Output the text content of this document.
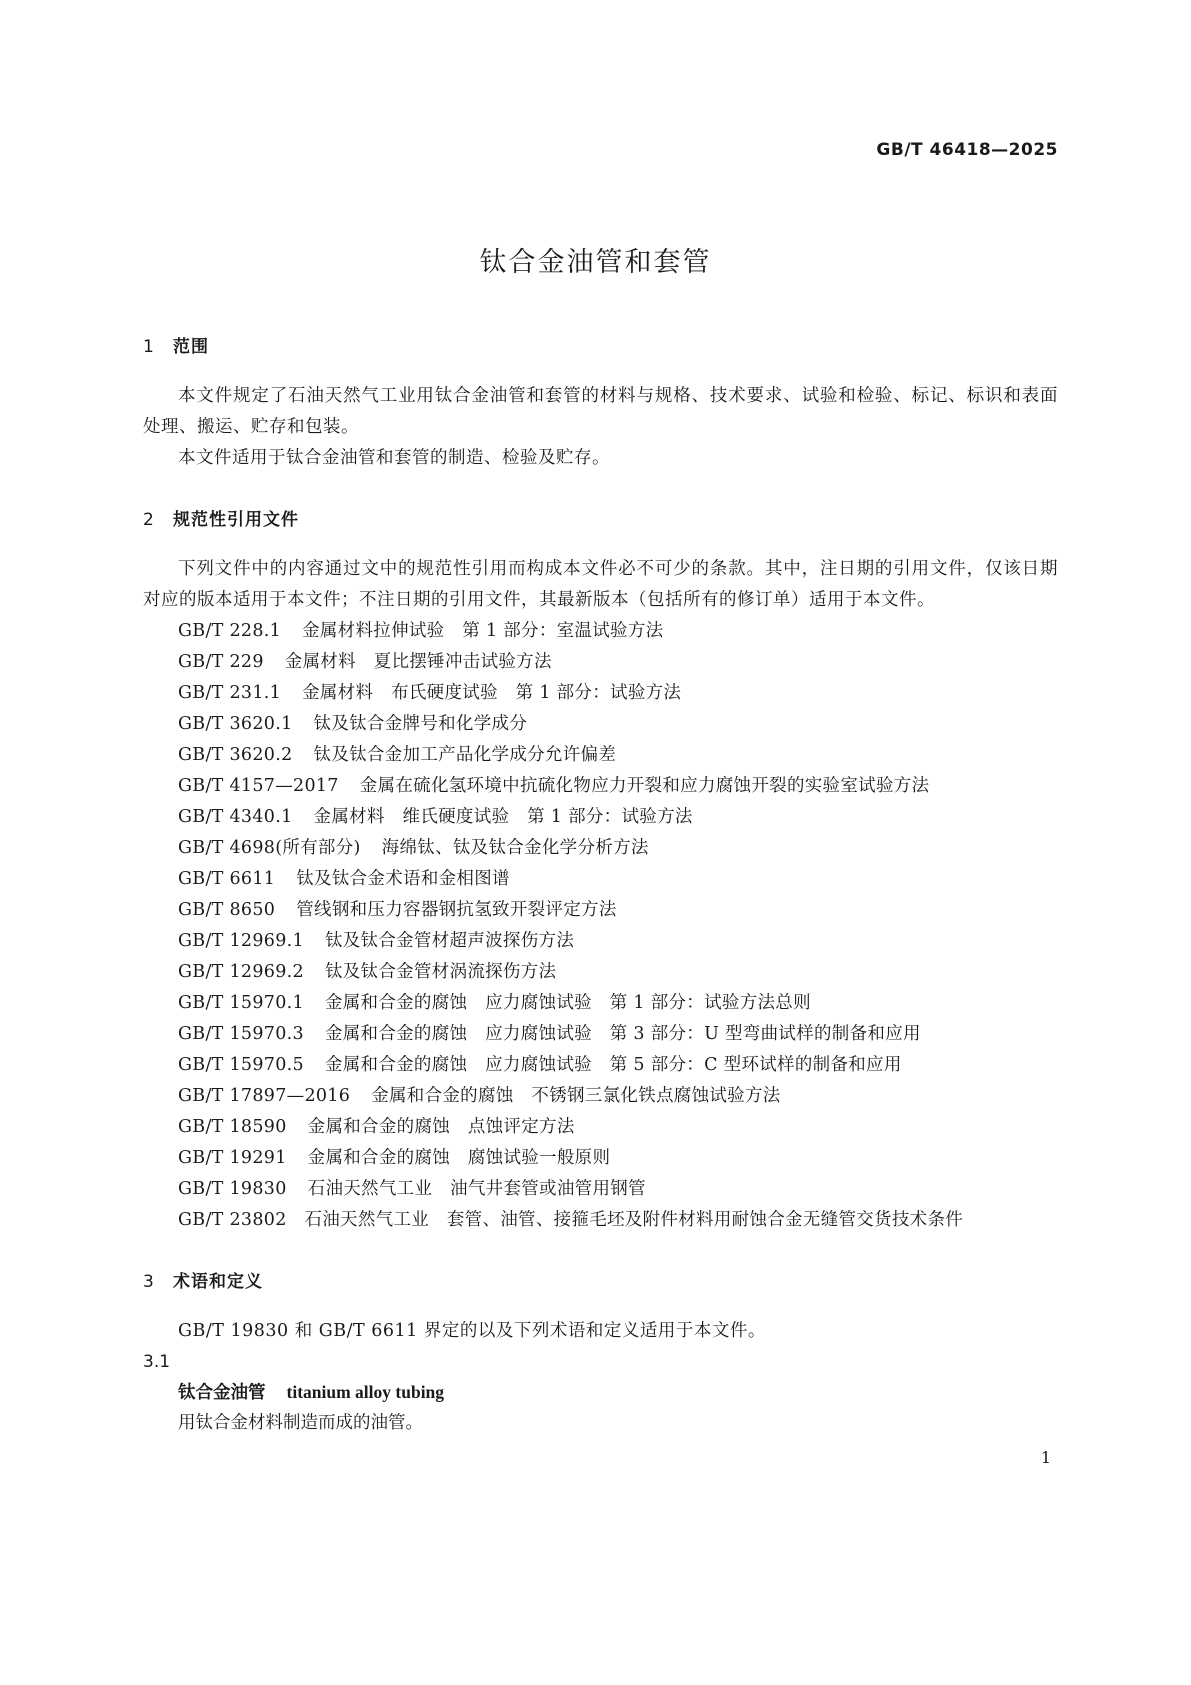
GB/T 46418—2025
钛合金油管和套管
1 范围
本文件规定了石油天然气工业用钛合金油管和套管的材料与规格、技术要求、试验和检验、标记、标识和表面处理、搬运、贮存和包装。
本文件适用于钛合金油管和套管的制造、检验及贮存。
2 规范性引用文件
下列文件中的内容通过文中的规范性引用而构成本文件必不可少的条款。其中，注日期的引用文件，仅该日期对应的版本适用于本文件；不注日期的引用文件，其最新版本（包括所有的修订单）适用于本文件。
GB/T 228.1 金属材料拉伸试验　第 1 部分：室温试验方法
GB/T 229 金属材料　夏比摆锤冲击试验方法
GB/T 231.1 金属材料　布氏硬度试验　第 1 部分：试验方法
GB/T 3620.1 钛及钛合金牌号和化学成分
GB/T 3620.2 钛及钛合金加工产品化学成分允许偏差
GB/T 4157—2017 金属在硫化氢环境中抗硫化物应力开裂和应力腐蚀开裂的实验室试验方法
GB/T 4340.1 金属材料　维氏硬度试验　第 1 部分：试验方法
GB/T 4698(所有部分) 海绵钛、钛及钛合金化学分析方法
GB/T 6611 钛及钛合金术语和金相图谱
GB/T 8650 管线钢和压力容器钢抗氢致开裂评定方法
GB/T 12969.1 钛及钛合金管材超声波探伤方法
GB/T 12969.2 钛及钛合金管材涡流探伤方法
GB/T 15970.1 金属和合金的腐蚀　应力腐蚀试验　第 1 部分：试验方法总则
GB/T 15970.3 金属和合金的腐蚀　应力腐蚀试验　第 3 部分：U 型弯曲试样的制备和应用
GB/T 15970.5 金属和合金的腐蚀　应力腐蚀试验　第 5 部分：C 型环试样的制备和应用
GB/T 17897—2016 金属和合金的腐蚀　不锈钢三氯化铁点腐蚀试验方法
GB/T 18590 金属和合金的腐蚀　点蚀评定方法
GB/T 19291 金属和合金的腐蚀　腐蚀试验一般原则
GB/T 19830 石油天然气工业　油气井套管或油管用钢管
GB/T 23802　石油天然气工业　套管、油管、接箍毛坯及附件材料用耐蚀合金无缝管交货技术条件
3 术语和定义
GB/T 19830 和 GB/T 6611 界定的以及下列术语和定义适用于本文件。
3.1
钛合金油管 titanium alloy tubing
用钛合金材料制造而成的油管。
1
